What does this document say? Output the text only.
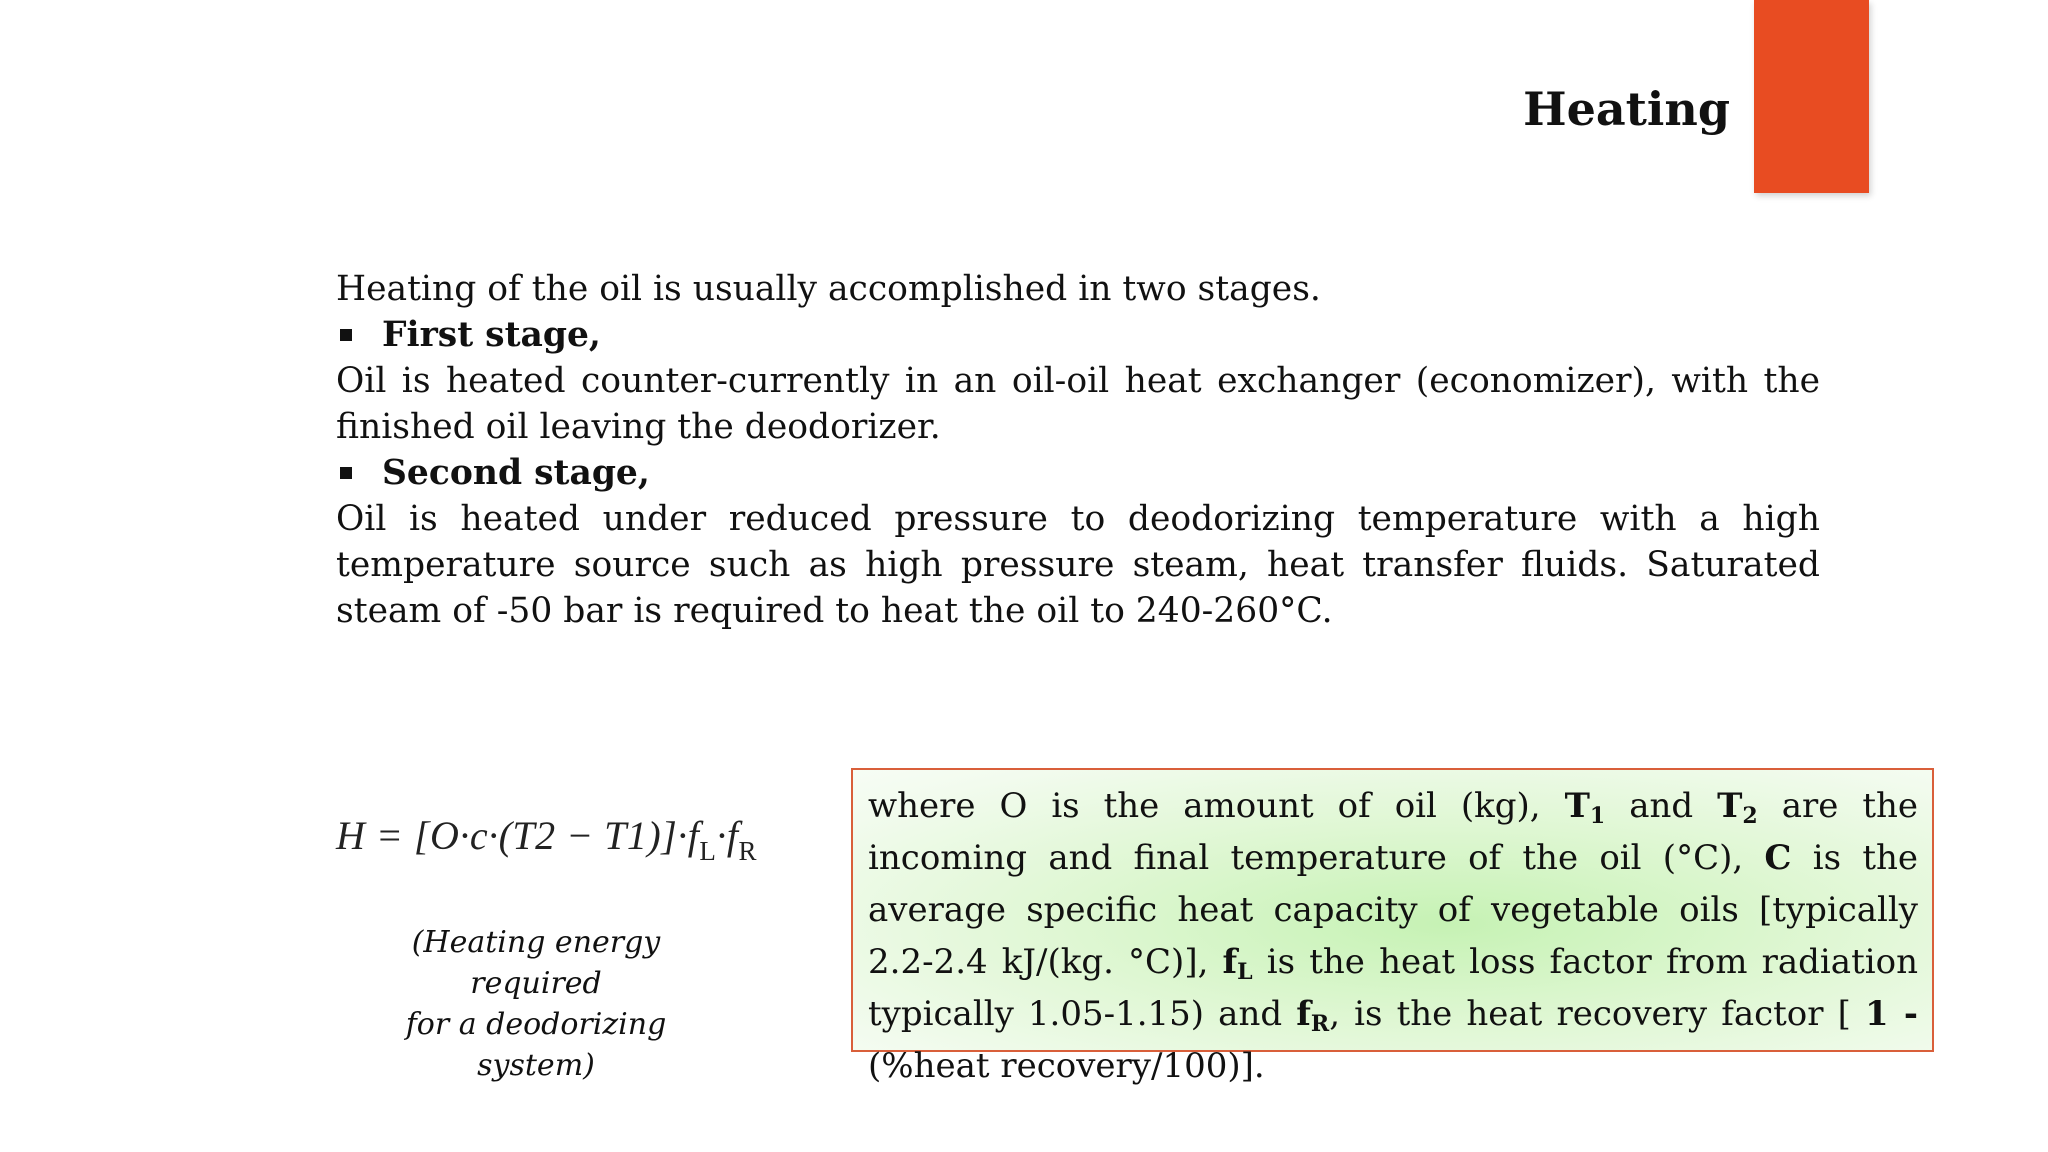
Heating

Heating of the oil is usually accomplished in two stages.

First stage,

Oil is heated counter-currently in an oil-oil heat exchanger (economizer), with the finished oil leaving the deodorizer.

Second stage,

Oil is heated under reduced pressure to deodorizing temperature with a high temperature source such as high pressure steam, heat transfer fluids. Saturated steam of -50 bar is required to heat the oil to 240-260°C.

$H = [O\cdot c\cdot(T2 - T1)]\cdot f_L\cdot f_R$
(Heating energy required
for a deodorizing system)
where O is the amount of oil (kg), $T_1$ and $T_2$ are the incoming and final temperature of the oil (°C), C is the average specific heat capacity of vegetable oils [typically 2.2-2.4 kJ/(kg. °C)], $f_L$ is the heat loss factor from radiation typically 1.05-1.15) and $f_R$, is the heat recovery factor [ 1 - (%heat recovery/100)].
